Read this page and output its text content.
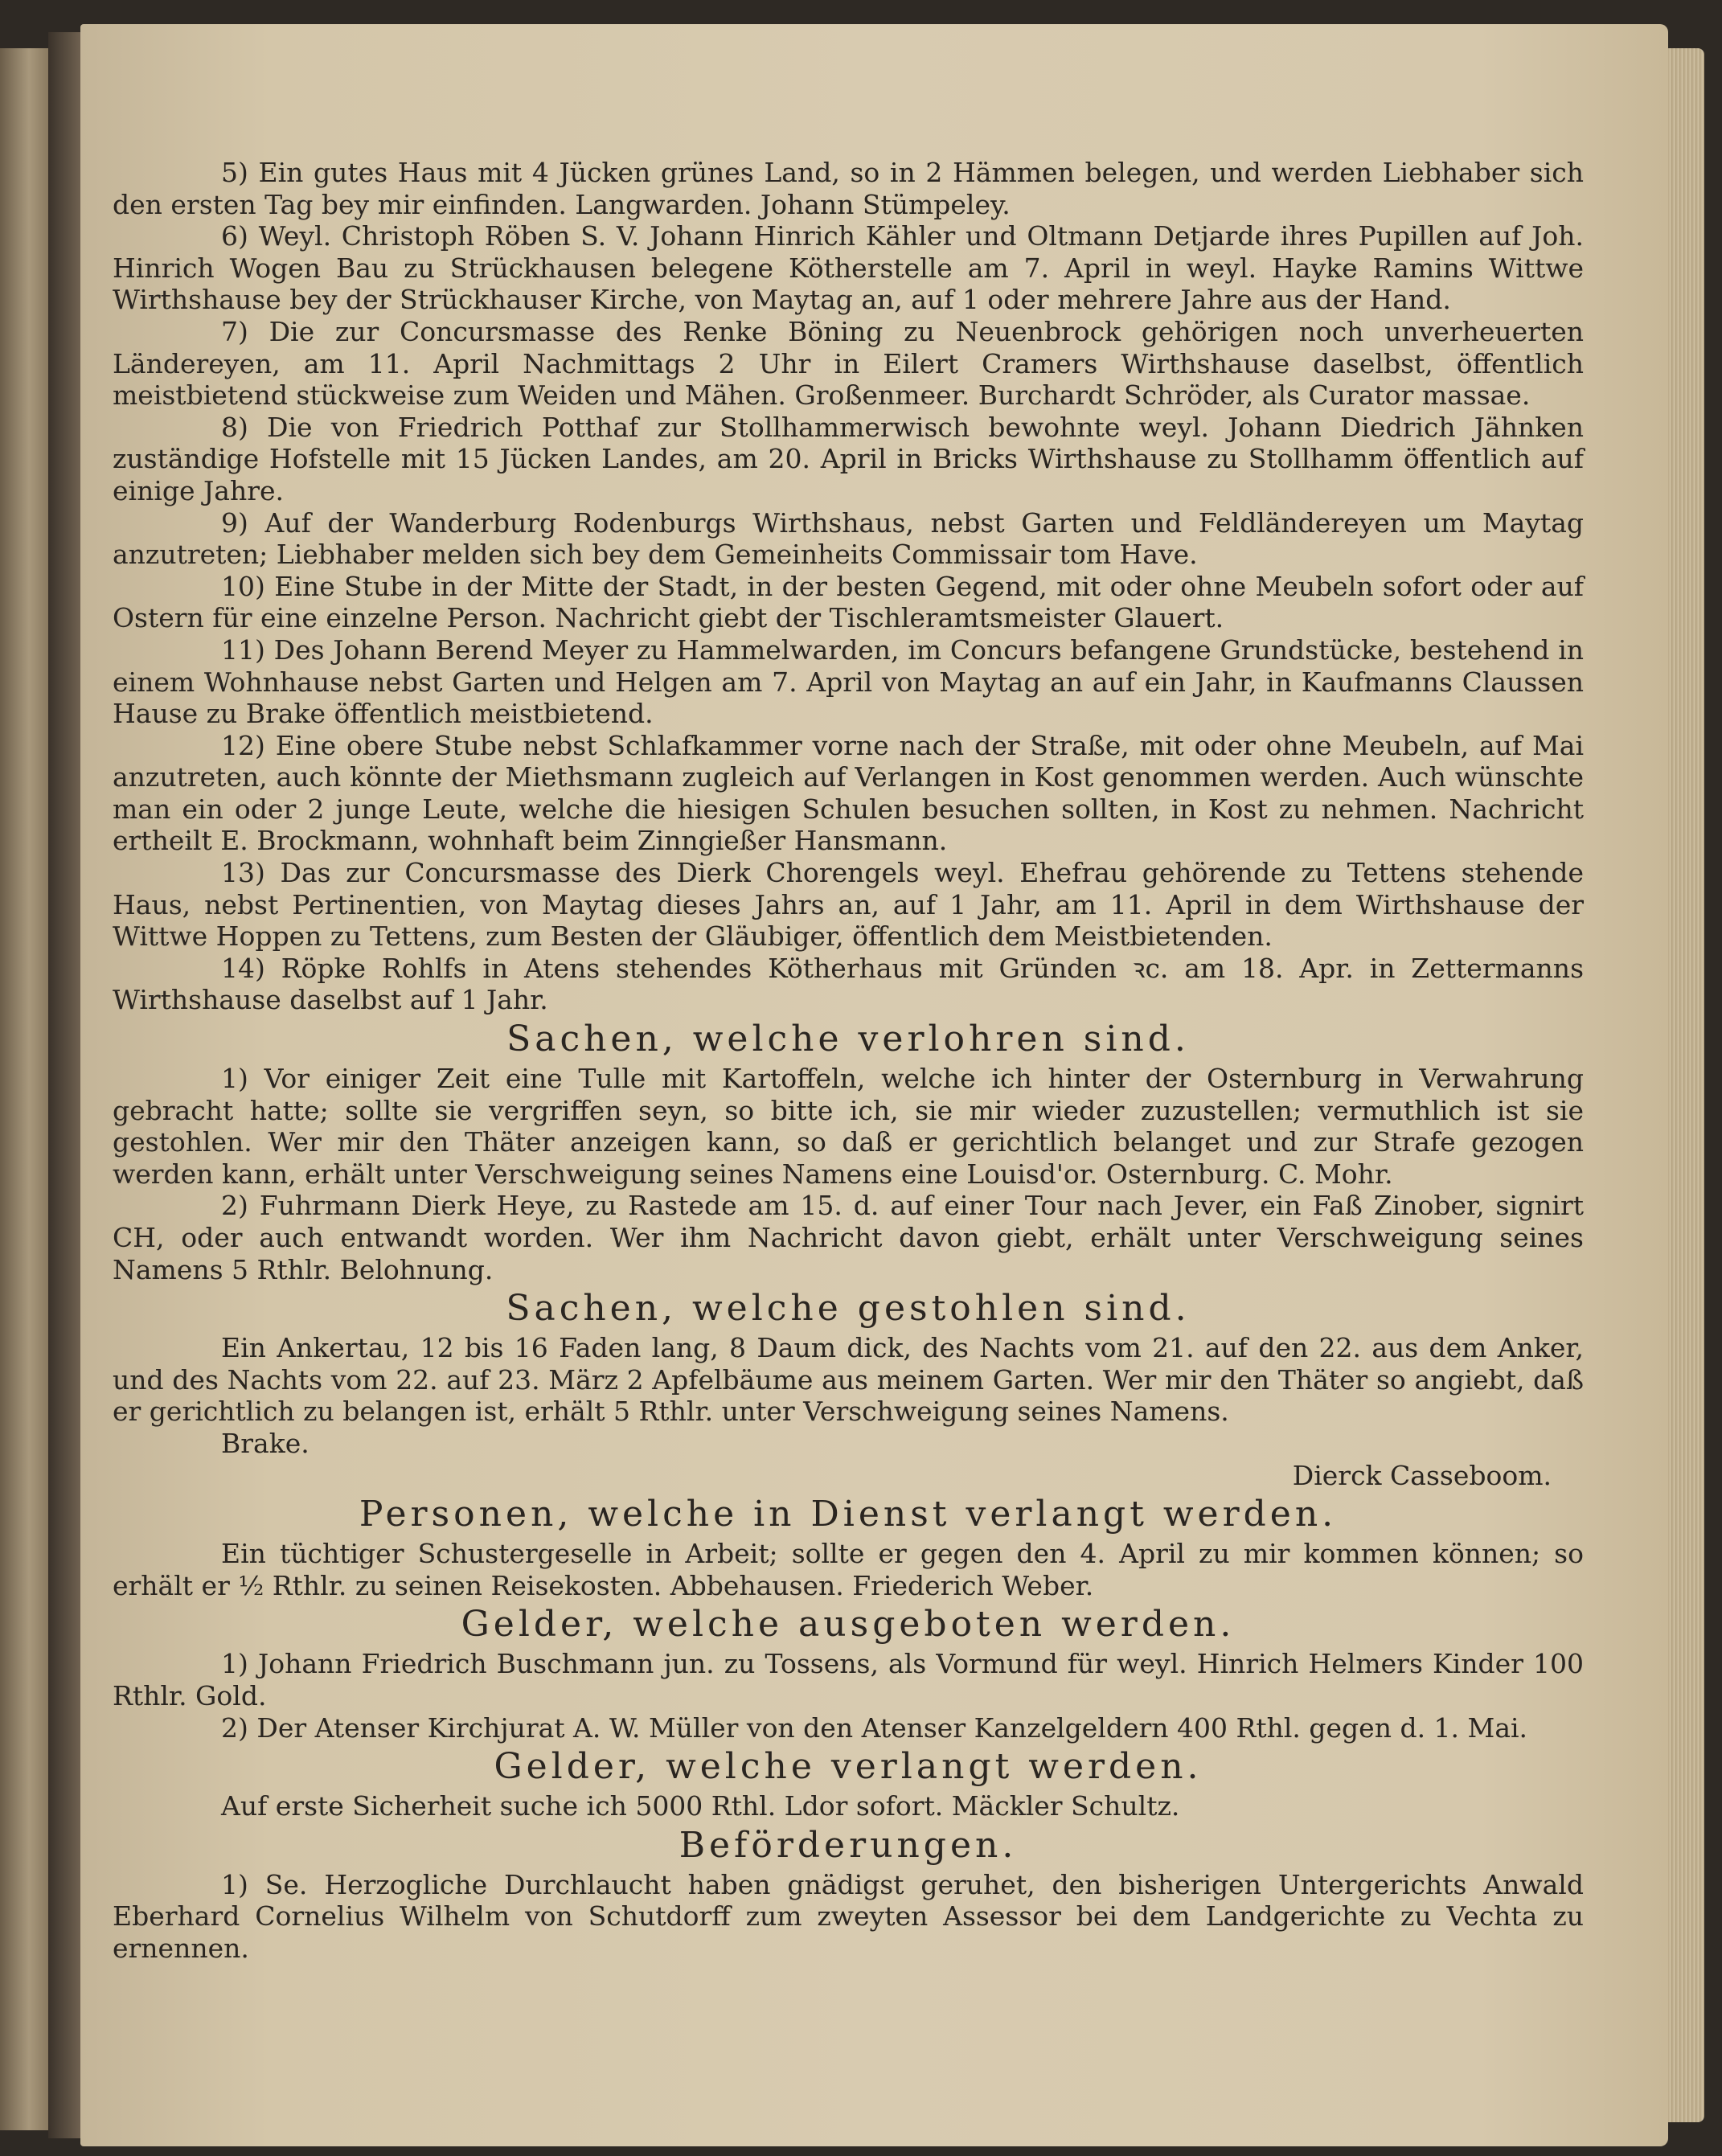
5) Ein gutes Haus mit 4 Jücken grünes Land, so in 2 Hämmen belegen, und werden Liebhaber sich den ersten Tag bey mir einfinden. Langwarden. Johann Stümpeley.

6) Weyl. Christoph Röben S. V. Johann Hinrich Kähler und Oltmann Detjarde ihres Pupillen auf Joh. Hinrich Wogen Bau zu Strückhausen belegene Kötherstelle am 7. April in weyl. Hayke Ramins Wittwe Wirthshause bey der Strückhauser Kirche, von Maytag an, auf 1 oder mehrere Jahre aus der Hand.

7) Die zur Concursmasse des Renke Böning zu Neuenbrock gehörigen noch unverheuerten Ländereyen, am 11. April Nachmittags 2 Uhr in Eilert Cramers Wirthshause daselbst, öffentlich meistbietend stückweise zum Weiden und Mähen. Großenmeer. Burchardt Schröder, als Curator massae.

8) Die von Friedrich Potthaf zur Stollhammerwisch bewohnte weyl. Johann Diedrich Jähnken zuständige Hofstelle mit 15 Jücken Landes, am 20. April in Bricks Wirthshause zu Stollhamm öffentlich auf einige Jahre.

9) Auf der Wanderburg Rodenburgs Wirthshaus, nebst Garten und Feldländereyen um Maytag anzutreten; Liebhaber melden sich bey dem Gemeinheits Commissair tom Have.

10) Eine Stube in der Mitte der Stadt, in der besten Gegend, mit oder ohne Meubeln sofort oder auf Ostern für eine einzelne Person. Nachricht giebt der Tischleramtsmeister Glauert.

11) Des Johann Berend Meyer zu Hammelwarden, im Concurs befangene Grundstücke, bestehend in einem Wohnhause nebst Garten und Helgen am 7. April von Maytag an auf ein Jahr, in Kaufmanns Claussen Hause zu Brake öffentlich meistbietend.

12) Eine obere Stube nebst Schlafkammer vorne nach der Straße, mit oder ohne Meubeln, auf Mai anzutreten, auch könnte der Miethsmann zugleich auf Verlangen in Kost genommen werden. Auch wünschte man ein oder 2 junge Leute, welche die hiesigen Schulen besuchen sollten, in Kost zu nehmen. Nachricht ertheilt E. Brockmann, wohnhaft beim Zinngießer Hansmann.

13) Das zur Concursmasse des Dierk Chorengels weyl. Ehefrau gehörende zu Tettens stehende Haus, nebst Pertinentien, von Maytag dieses Jahrs an, auf 1 Jahr, am 11. April in dem Wirthshause der Wittwe Hoppen zu Tettens, zum Besten der Gläubiger, öffentlich dem Meistbietenden.

14) Röpke Rohlfs in Atens stehendes Kötherhaus mit Gründen ꝛc. am 18. Apr. in Zettermanns Wirthshause daselbst auf 1 Jahr.

Sachen, welche verlohren sind.

1) Vor einiger Zeit eine Tulle mit Kartoffeln, welche ich hinter der Osternburg in Verwahrung gebracht hatte; sollte sie vergriffen seyn, so bitte ich, sie mir wieder zuzustellen; vermuthlich ist sie gestohlen. Wer mir den Thäter anzeigen kann, so daß er gerichtlich belanget und zur Strafe gezogen werden kann, erhält unter Verschweigung seines Namens eine Louisd'or. Osternburg. C. Mohr.

2) Fuhrmann Dierk Heye, zu Rastede am 15. d. auf einer Tour nach Jever, ein Faß Zinober, signirt CH, oder auch entwandt worden. Wer ihm Nachricht davon giebt, erhält unter Verschweigung seines Namens 5 Rthlr. Belohnung.

Sachen, welche gestohlen sind.

Ein Ankertau, 12 bis 16 Faden lang, 8 Daum dick, des Nachts vom 21. auf den 22. aus dem Anker, und des Nachts vom 22. auf 23. März 2 Apfelbäume aus meinem Garten. Wer mir den Thäter so angiebt, daß er gerichtlich zu belangen ist, erhält 5 Rthlr. unter Verschweigung seines Namens.

Brake.

Dierck Casseboom.

Personen, welche in Dienst verlangt werden.

Ein tüchtiger Schustergeselle in Arbeit; sollte er gegen den 4. April zu mir kommen können; so erhält er ½ Rthlr. zu seinen Reisekosten. Abbehausen. Friederich Weber.

Gelder, welche ausgeboten werden.

1) Johann Friedrich Buschmann jun. zu Tossens, als Vormund für weyl. Hinrich Helmers Kinder 100 Rthlr. Gold.

2) Der Atenser Kirchjurat A. W. Müller von den Atenser Kanzelgeldern 400 Rthl. gegen d. 1. Mai.

Gelder, welche verlangt werden.

Auf erste Sicherheit suche ich 5000 Rthl. Ldor sofort. Mäckler Schultz.

Beförderungen.

1) Se. Herzogliche Durchlaucht haben gnädigst geruhet, den bisherigen Untergerichts Anwald Eberhard Cornelius Wilhelm von Schutdorff zum zweyten Assessor bei dem Landgerichte zu Vechta zu ernennen.
